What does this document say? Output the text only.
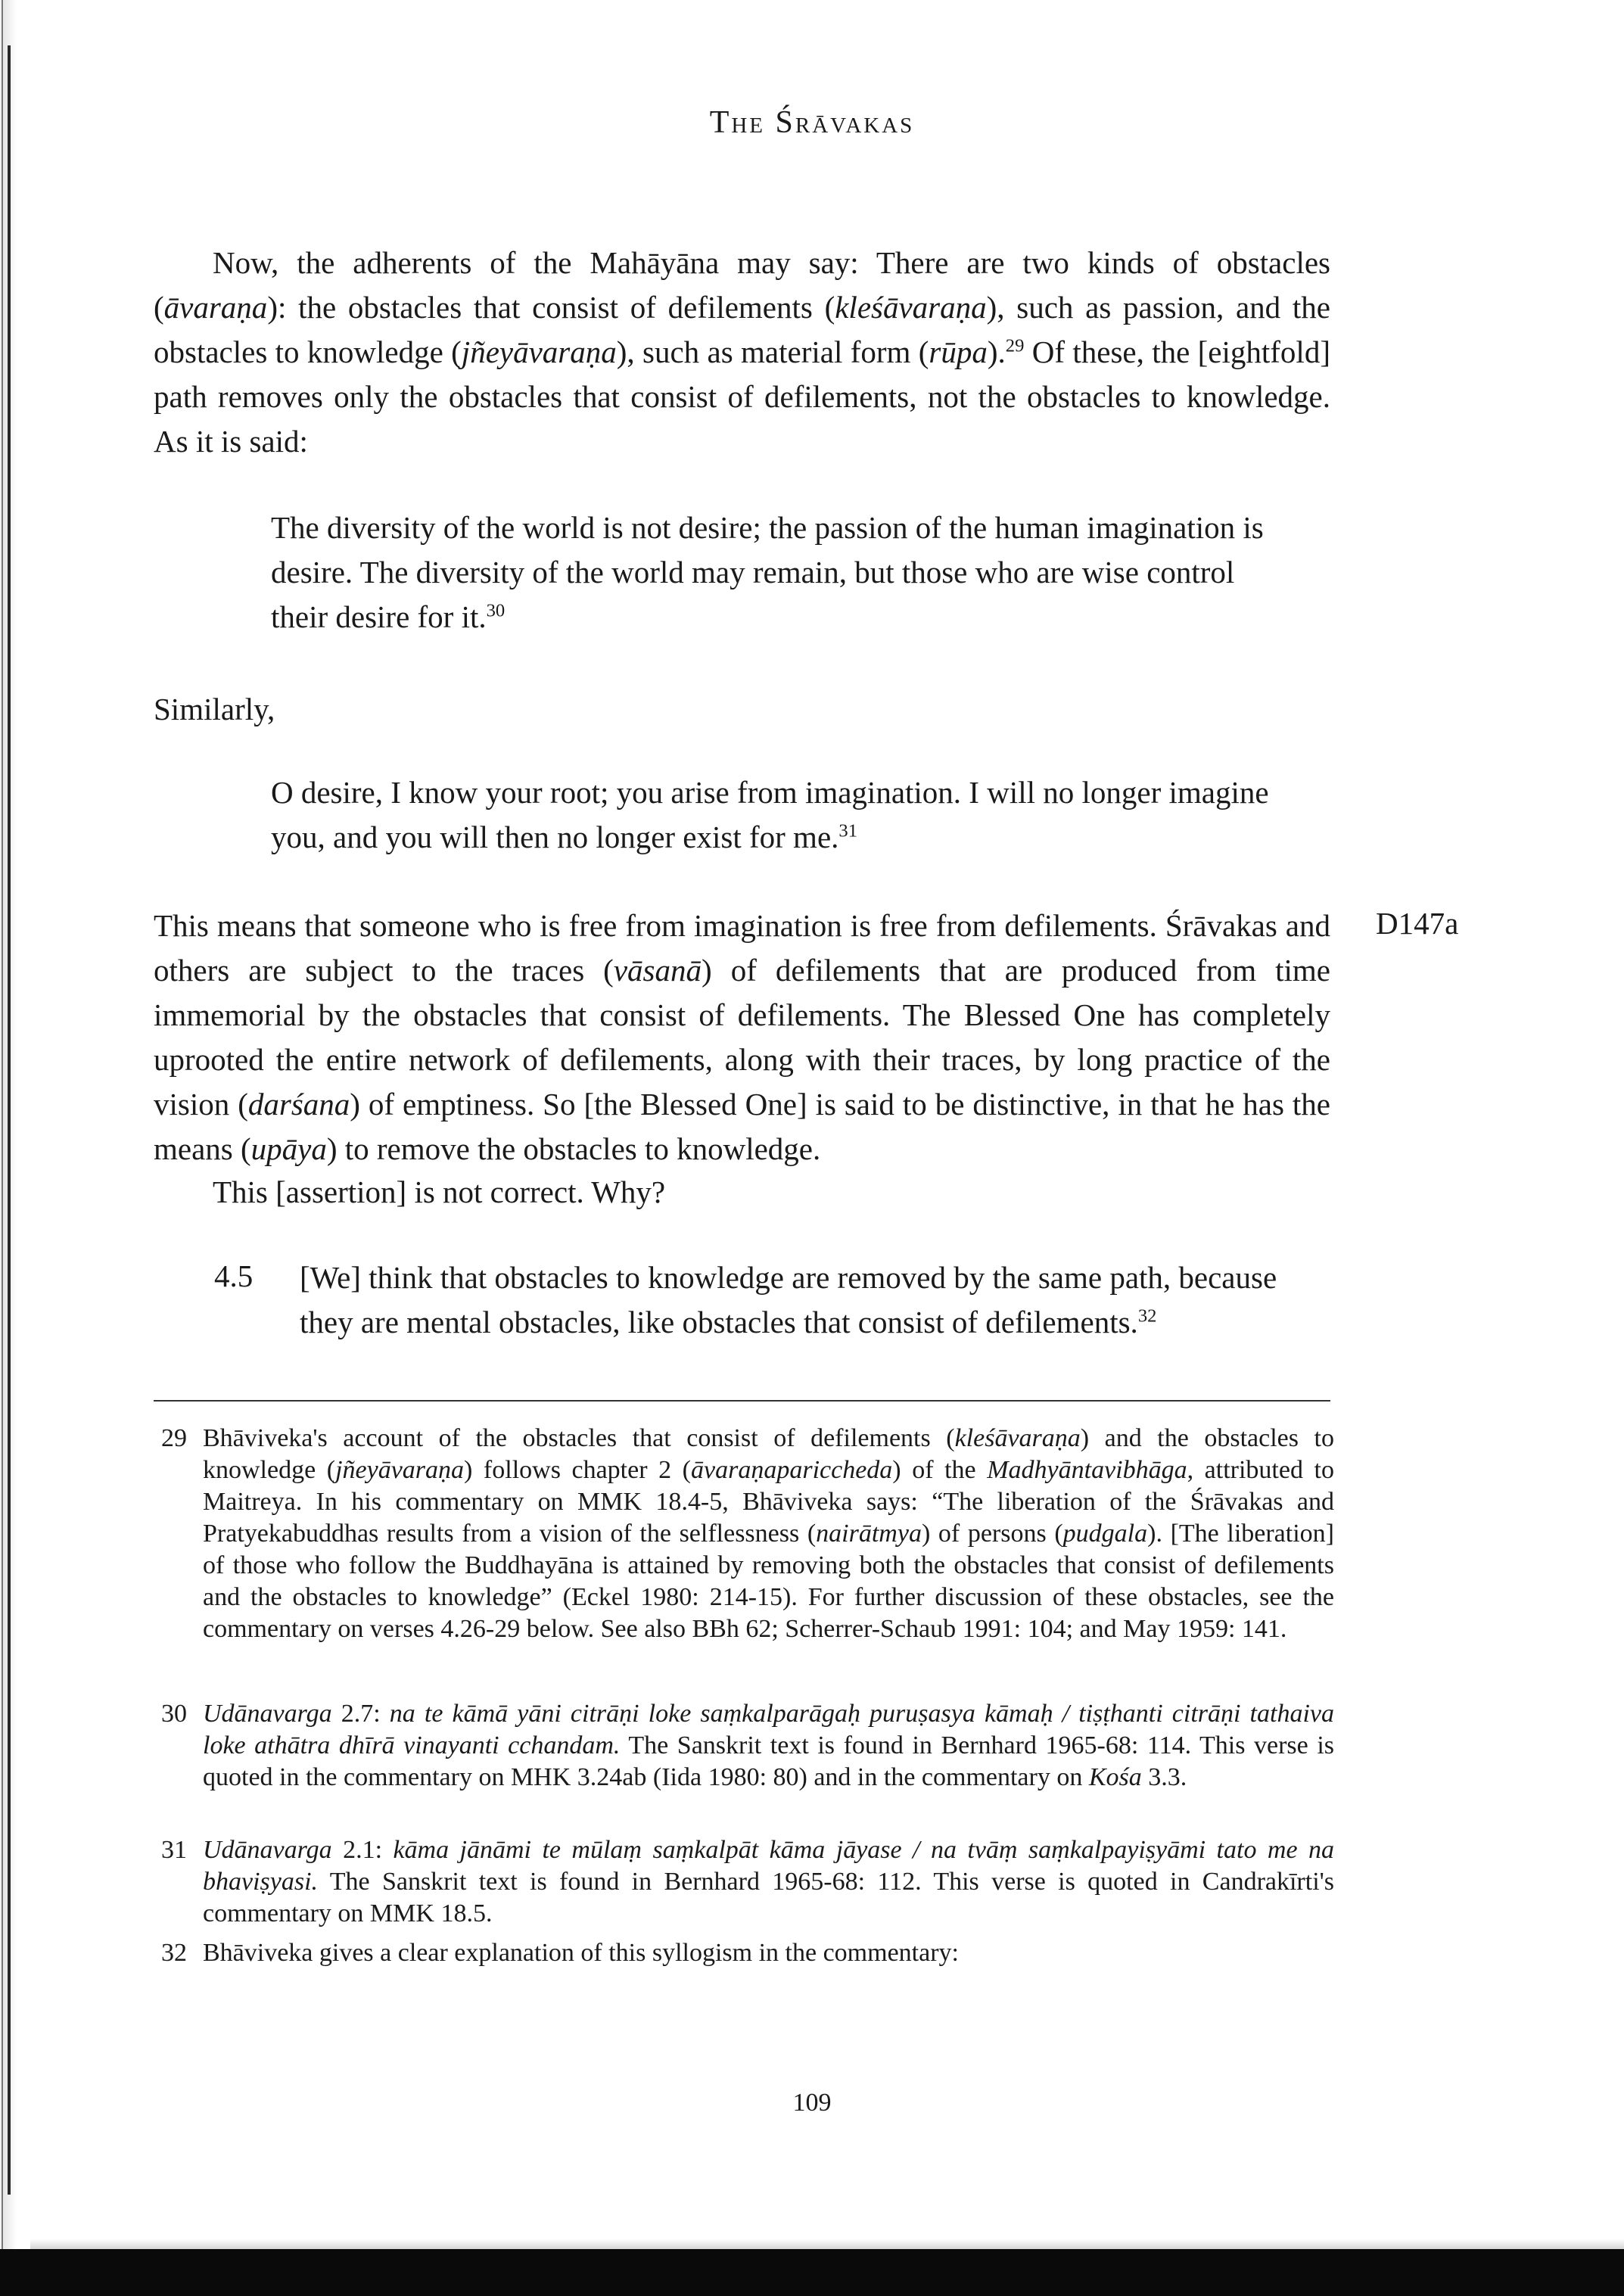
The Śrāvakas

Now, the adherents of the Mahāyāna may say: There are two kinds of obstacles (āvaraṇa): the obstacles that consist of defilements (kleśāvaraṇa), such as passion, and the obstacles to knowledge (jñeyāvaraṇa), such as material form (rūpa).$^{29}$ Of these, the [eightfold] path removes only the obstacles that consist of defilements, not the obstacles to knowledge. As it is said:

The diversity of the world is not desire; the passion of the human imagination is desire. The diversity of the world may remain, but those who are wise control their desire for it.$^{30}$

Similarly,

O desire, I know your root; you arise from imagination. I will no longer imagine you, and you will then no longer exist for me.$^{31}$

D147a

This means that someone who is free from imagination is free from defilements. Śrāvakas and others are subject to the traces (vāsanā) of defilements that are produced from time immemorial by the obstacles that consist of defilements. The Blessed One has completely uprooted the entire network of defilements, along with their traces, by long practice of the vision (darśana) of emptiness. So [the Blessed One] is said to be distinctive, in that he has the means (upāya) to remove the obstacles to knowledge.

This [assertion] is not correct. Why?

4.5 [We] think that obstacles to knowledge are removed by the same path, because they are mental obstacles, like obstacles that consist of defilements.$^{32}$

29 Bhāviveka's account of the obstacles that consist of defilements (kleśāvaraṇa) and the obstacles to knowledge (jñeyāvaraṇa) follows chapter 2 (āvaraṇapariccheda) of the Madhyāntavibhāga, attributed to Maitreya. In his commentary on MMK 18.4-5, Bhāviveka says: “The liberation of the Śrāvakas and Pratyekabuddhas results from a vision of the selflessness (nairātmya) of persons (pudgala). [The liberation] of those who follow the Buddhayāna is attained by removing both the obstacles that consist of defilements and the obstacles to knowledge” (Eckel 1980: 214-15). For further discussion of these obstacles, see the commentary on verses 4.26-29 below. See also BBh 62; Scherrer-Schaub 1991: 104; and May 1959: 141.
30 Udānavarga 2.7: na te kāmā yāni citrāṇi loke saṃkalparāgaḥ puruṣasya kāmaḥ / tiṣṭhanti citrāṇi tathaiva loke athātra dhīrā vinayanti cchandam. The Sanskrit text is found in Bernhard 1965-68: 114. This verse is quoted in the commentary on MHK 3.24ab (Iida 1980: 80) and in the commentary on Kośa 3.3.
31 Udānavarga 2.1: kāma jānāmi te mūlaṃ saṃkalpāt kāma jāyase / na tvāṃ saṃkalpayiṣyāmi tato me na bhaviṣyasi. The Sanskrit text is found in Bernhard 1965-68: 112. This verse is quoted in Candrakīrti's commentary on MMK 18.5.
32 Bhāviveka gives a clear explanation of this syllogism in the commentary:
109
